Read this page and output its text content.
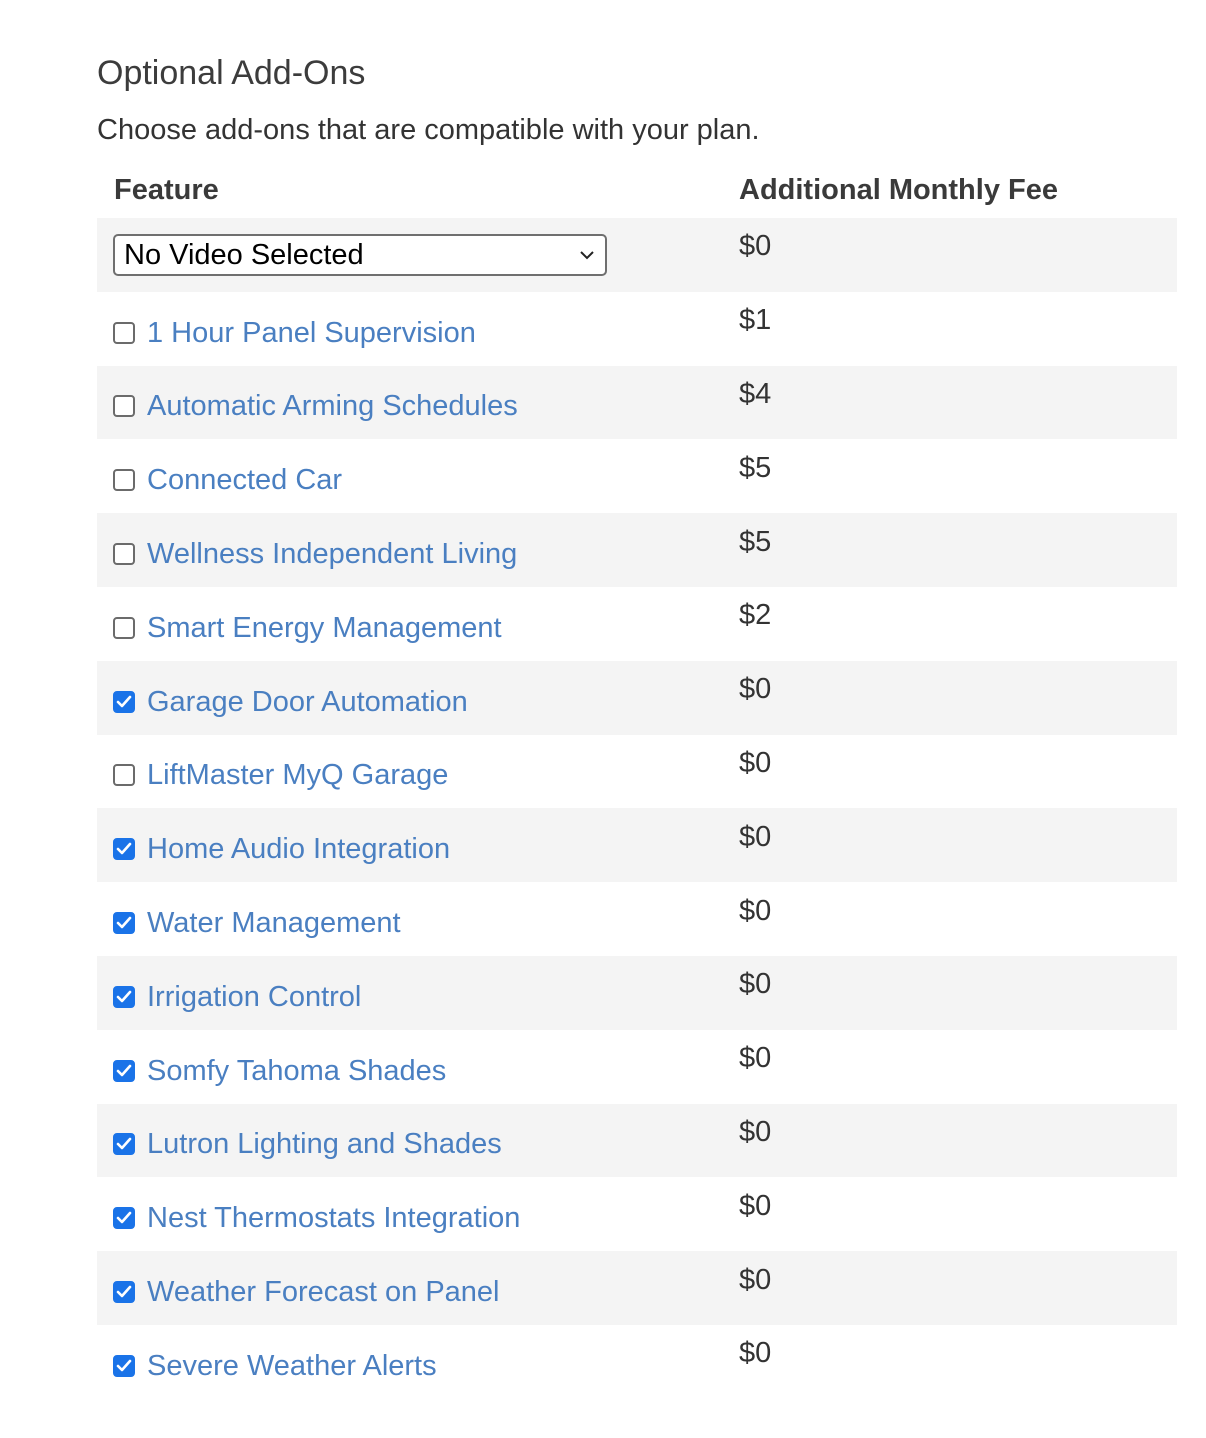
Optional Add-Ons

Choose add-ons that are compatible with your plan.

Feature	Additional Monthly Fee

No Video Selected	$0

1 Hour Panel Supervision	$1

Automatic Arming Schedules	$4

Connected Car	$5

Wellness Independent Living	$5

Smart Energy Management	$2

Garage Door Automation	$0

LiftMaster MyQ Garage	$0

Home Audio Integration	$0

Water Management	$0

Irrigation Control	$0

Somfy Tahoma Shades	$0

Lutron Lighting and Shades	$0

Nest Thermostats Integration	$0

Weather Forecast on Panel	$0

Severe Weather Alerts	$0
